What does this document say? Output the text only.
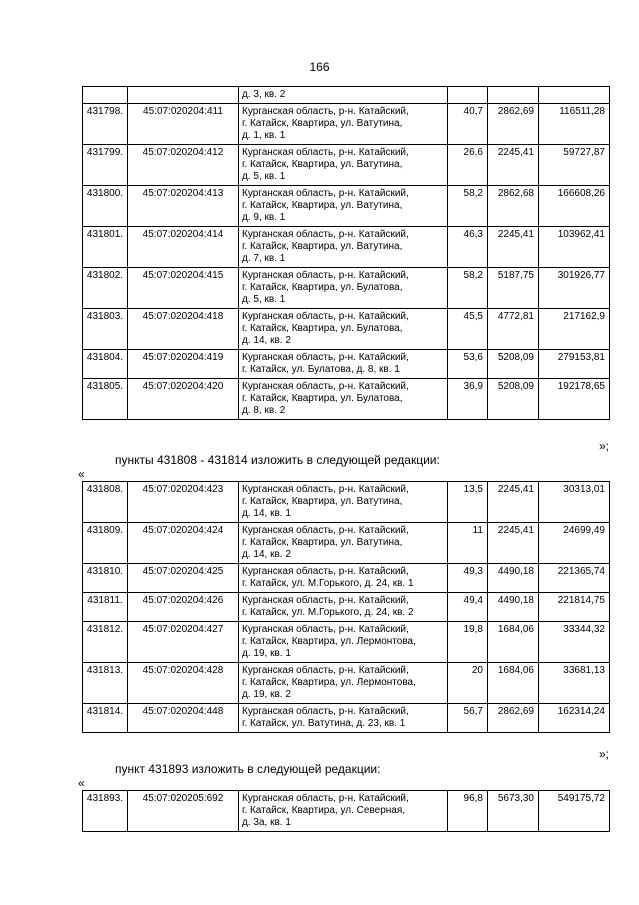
166

		д. 3, кв. 2			

431798.	45:07:020204:411	Курганская область, р-н. Катайский,
г. Катайск, Квартира, ул. Ватутина,
д. 1, кв. 1	40,7	2862,69	116511,28
431799.	45:07:020204:412	Курганская область, р-н. Катайский,
г. Катайск, Квартира, ул. Ватутина,
д. 5, кв. 1	26,6	2245,41	59727,87
431800.	45:07:020204:413	Курганская область, р-н. Катайский,
г. Катайск, Квартира, ул. Ватутина,
д. 9, кв. 1	58,2	2862,68	166608,26
431801.	45:07:020204:414	Курганская область, р-н. Катайский,
г. Катайск, Квартира, ул. Ватутина,
д. 7, кв. 1	46,3	2245,41	103962,41
431802.	45:07:020204:415	Курганская область, р-н. Катайский,
г. Катайск, Квартира, ул. Булатова,
д. 5, кв. 1	58,2	5187,75	301926,77
431803.	45:07:020204:418	Курганская область, р-н. Катайский,
г. Катайск, Квартира, ул. Булатова,
д. 14, кв. 2	45,5	4772,81	217162,9
431804.	45:07:020204:419	Курганская область, р-н. Катайский,
г. Катайск, ул. Булатова, д. 8, кв. 1	53,6	5208,09	279153,81
431805.	45:07:020204:420	Курганская область, р-н. Катайский,
г. Катайск, Квартира, ул. Булатова,
д. 8, кв. 2	36,9	5208,09	192178,65
»;
пункты 431808 - 431814 изложить в следующей редакции:
«
431808.	45:07:020204:423	Курганская область, р-н. Катайский,
г. Катайск, Квартира, ул. Ватутина,
д. 14, кв. 1	13,5	2245,41	30313,01
431809.	45:07:020204:424	Курганская область, р-н. Катайский,
г. Катайск, Квартира, ул. Ватутина,
д. 14, кв. 2	11	2245,41	24699,49
431810.	45:07:020204:425	Курганская область, р-н. Катайский,
г. Катайск, ул. М.Горького, д. 24, кв. 1	49,3	4490,18	221365,74
431811.	45:07:020204:426	Курганская область, р-н. Катайский,
г. Катайск, ул. М.Горького, д. 24, кв. 2	49,4	4490,18	221814,75
431812.	45:07:020204:427	Курганская область, р-н. Катайский,
г. Катайск, Квартира, ул. Лермонтова,
д. 19, кв. 1	19,8	1684,06	33344,32
431813.	45:07:020204:428	Курганская область, р-н. Катайский,
г. Катайск, Квартира, ул. Лермонтова,
д. 19, кв. 2	20	1684,06	33681,13
431814.	45:07:020204:448	Курганская область, р-н. Катайский,
г. Катайск, ул. Ватутина, д. 23, кв. 1	56,7	2862,69	162314,24
»;
пункт 431893 изложить в следующей редакции:
«
431893.	45:07:020205:692	Курганская область, р-н. Катайский,
г. Катайск, Квартира, ул. Северная,
д. 3а, кв. 1
	96,8	5673,30	549175,72
